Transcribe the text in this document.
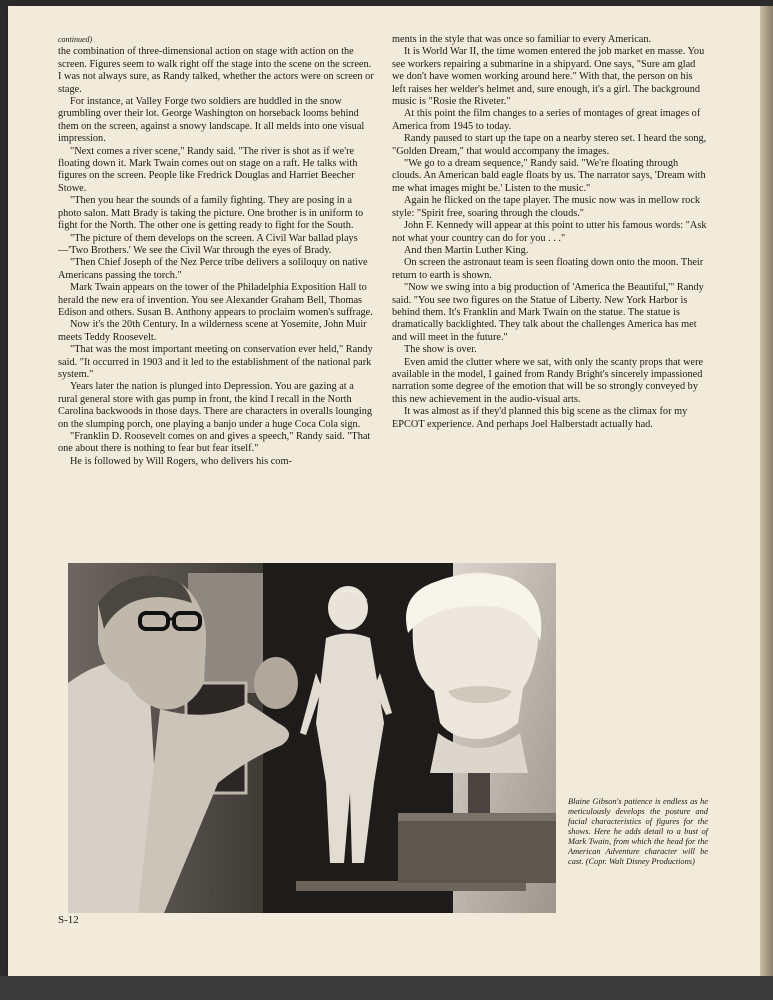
continued)

the combination of three-dimensional action on stage with action on the screen. Figures seem to walk right off the stage into the scene on the screen. I was not always sure, as Randy talked, whether the actors were on screen or stage.

For instance, at Valley Forge two soldiers are huddled in the snow grumbling over their lot. George Washington on horseback looms behind them on the screen, against a snowy landscape. It all melds into one visual impression.

"Next comes a river scene," Randy said. "The river is shot as if we're floating down it. Mark Twain comes out on stage on a raft. He talks with figures on the screen. People like Fredrick Douglas and Harriet Beecher Stowe.

"Then you hear the sounds of a family fighting. They are posing in a photo salon. Matt Brady is taking the picture. One brother is in uniform to fight for the North. The other one is getting ready to fight for the South.

"The picture of them develops on the screen. A Civil War ballad plays—'Two Brothers.' We see the Civil War through the eyes of Brady.

"Then Chief Joseph of the Nez Perce tribe delivers a soliloquy on native Americans passing the torch."

Mark Twain appears on the tower of the Philadelphia Exposition Hall to herald the new era of invention. You see Alexander Graham Bell, Thomas Edison and others. Susan B. Anthony appears to proclaim women's suffrage.

Now it's the 20th Century. In a wilderness scene at Yosemite, John Muir meets Teddy Roosevelt.

"That was the most important meeting on conservation ever held," Randy said. "It occurred in 1903 and it led to the establishment of the national park system."

Years later the nation is plunged into Depression. You are gazing at a rural general store with gas pump in front, the kind I recall in the North Carolina backwoods in those days. There are characters in overalls lounging on the slumping porch, one playing a banjo under a huge Coca Cola sign.

"Franklin D. Roosevelt comes on and gives a speech," Randy said. "That one about there is nothing to fear but fear itself."

He is followed by Will Rogers, who delivers his com-

ments in the style that was once so familiar to every American.

It is World War II, the time women entered the job market en masse. You see workers repairing a submarine in a shipyard. One says, "Sure am glad we don't have women working around here." With that, the person on his left raises her welder's helmet and, sure enough, it's a girl. The background music is "Rosie the Riveter."

At this point the film changes to a series of montages of great images of America from 1945 to today.

Randy paused to start up the tape on a nearby stereo set. I heard the song, "Golden Dream," that would accompany the images.

"We go to a dream sequence," Randy said. "We're floating through clouds. An American bald eagle floats by us. The narrator says, 'Dream with me what images might be.' Listen to the music."

Again he flicked on the tape player. The music now was in mellow rock style: "Spirit free, soaring through the clouds."

John F. Kennedy will appear at this point to utter his famous words: "Ask not what your country can do for you . . ."

And then Martin Luther King.

On screen the astronaut team is seen floating down onto the moon. Their return to earth is shown.

"Now we swing into a big production of 'America the Beautiful,'" Randy said. "You see two figures on the Statue of Liberty. New York Harbor is behind them. It's Franklin and Mark Twain on the statue. The statue is dramatically backlighted. They talk about the challenges America has met and will meet in the future."

The show is over.

Even amid the clutter where we sat, with only the scanty props that were available in the model, I gained from Randy Bright's sincerely impassioned narration some degree of the emotion that will be so strongly conveyed by this new achievement in the audio-visual arts.

It was almost as if they'd planned this big scene as the climax for my EPCOT experience. And perhaps Joel Halberstadt actually had.

Blaine Gibson's patience is endless as he meticulously develops the posture and facial characteristics of figures for the shows. Here he adds detail to a bust of Mark Twain, from which the head for the American Adventure character will be cast. (Copr. Walt Disney Productions)
S-12
